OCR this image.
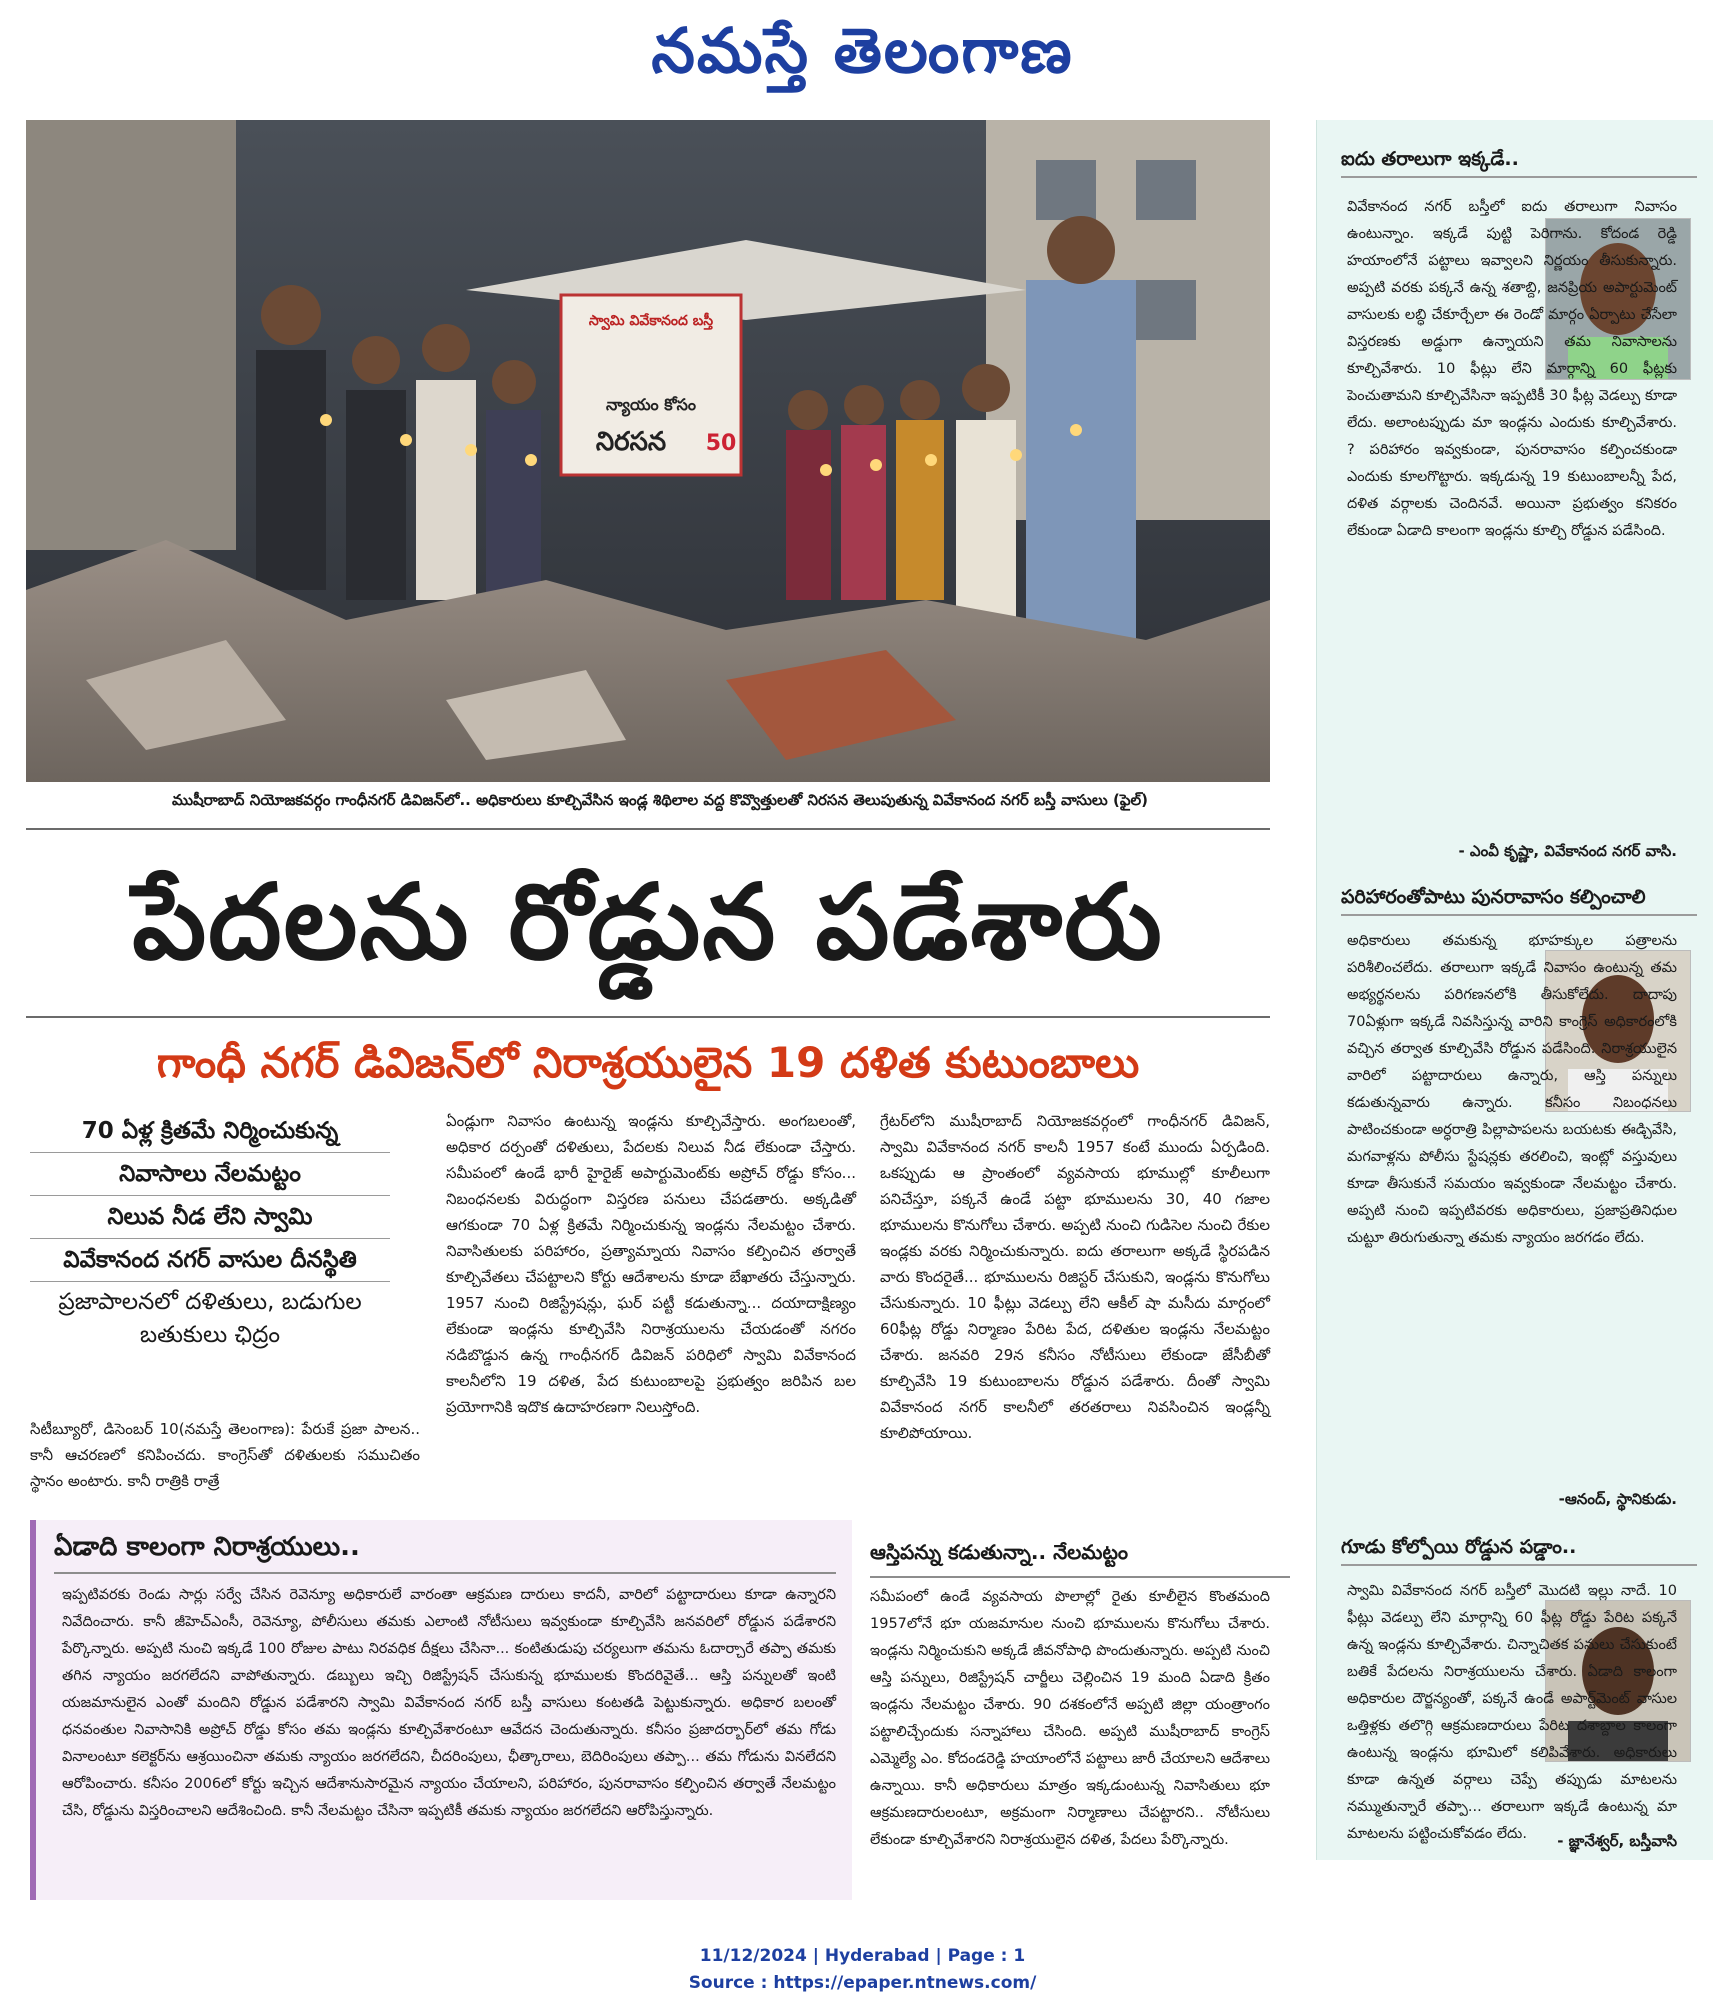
నమస్తే తెలంగాణ
స్వామి వివేకానంద బస్తీ
న్యాయం కోసం
నిరసన 50
ముషీరాబాద్ నియోజకవర్గం గాంధీనగర్ డివిజన్‌లో.. అధికారులు కూల్చివేసిన ఇండ్ల శిథిలాల వద్ద కొవ్వొత్తులతో నిరసన తెలుపుతున్న వివేకానంద నగర్ బస్తీ వాసులు (ఫైల్)
పేదలను రోడ్డున పడేశారు
గాంధీ నగర్ డివిజన్‌లో నిరాశ్రయులైన 19 దళిత కుటుంబాలు
70 ఏళ్ల క్రితమే నిర్మించుకున్న
నివాసాలు నేలమట్టం
నిలువ నీడ లేని స్వామి
వివేకానంద నగర్ వాసుల దీనస్థితి
ప్రజాపాలనలో దళితులు, బడుగుల బతుకులు ఛిద్రం
సిటీబ్యూరో, డిసెంబర్ 10(నమస్తే తెలంగాణ): పేరుకే ప్రజా పాలన.. కానీ ఆచరణలో కనిపించదు. కాంగ్రెస్‌తో దళితులకు సముచితం స్థానం అంటారు. కానీ రాత్రికి రాత్రే
ఏండ్లుగా నివాసం ఉంటున్న ఇండ్లను కూల్చివేస్తారు. అంగబలంతో, అధికార దర్పంతో దళితులు, పేదలకు నిలువ నీడ లేకుండా చేస్తారు. సమీపంలో ఉండే భారీ హైరైజ్ అపార్టుమెంట్‌కు అప్రోచ్ రోడ్డు కోసం... నిబంధనలకు విరుద్ధంగా విస్తరణ పనులు చేపడతారు. అక్కడితో ఆగకుండా 70 ఏళ్ల క్రితమే నిర్మించుకున్న ఇండ్లను నేలమట్టం చేశారు. నివాసితులకు పరిహారం, ప్రత్యామ్నాయ నివాసం కల్పించిన తర్వాతే కూల్చివేతలు చేపట్టాలని కోర్టు ఆదేశాలను కూడా బేఖాతరు చేస్తున్నారు. 1957 నుంచి రిజిస్ట్రేషన్లు, ఘర్ పట్టీ కడుతున్నా... దయాదాక్షిణ్యం లేకుండా ఇండ్లను కూల్చివేసి నిరాశ్రయులను చేయడంతో నగరం నడిబొడ్డున ఉన్న గాంధీనగర్ డివిజన్ పరిధిలో స్వామి వివేకానంద కాలనీలోని 19 దళిత, పేద కుటుంబాలపై ప్రభుత్వం జరిపిన బల ప్రయోగానికి ఇదొక ఉదాహరణగా నిలుస్తోంది.
గ్రేటర్‌లోని ముషీరాబాద్ నియోజకవర్గంలో గాంధీనగర్ డివిజన్, స్వామి వివేకానంద నగర్ కాలనీ 1957 కంటే ముందు ఏర్పడింది. ఒకప్పుడు ఆ ప్రాంతంలో వ్యవసాయ భూముల్లో కూలీలుగా పనిచేస్తూ, పక్కనే ఉండే పట్టా భూములను 30, 40 గజాల భూములను కొనుగోలు చేశారు. అప్పటి నుంచి గుడిసెల నుంచి రేకుల ఇండ్లకు వరకు నిర్మించుకున్నారు. ఐదు తరాలుగా అక్కడే స్థిరపడిన వారు కొందరైతే... భూములను రిజిస్టర్ చేసుకుని, ఇండ్లను కొనుగోలు చేసుకున్నారు. 10 ఫీట్లు వెడల్పు లేని ఆకీల్ షా మసీదు మార్గంలో 60ఫీట్ల రోడ్డు నిర్మాణం పేరిట పేద, దళితుల ఇండ్లను నేలమట్టం చేశారు. జనవరి 29న కనీసం నోటీసులు లేకుండా జేసీబీతో కూల్చివేసి 19 కుటుంబాలను రోడ్డున పడేశారు. దీంతో స్వామి వివేకానంద నగర్ కాలనీలో తరతరాలు నివసించిన ఇండ్లన్నీ కూలిపోయాయి.
ఏడాది కాలంగా నిరాశ్రయులు..
ఇప్పటివరకు రెండు సార్లు సర్వే చేసిన రెవెన్యూ అధికారులే వారంతా ఆక్రమణ దారులు కాదనీ, వారిలో పట్టాదారులు కూడా ఉన్నారని నివేదించారు. కానీ జీహెచ్‌ఎంసీ, రెవెన్యూ, పోలీసులు తమకు ఎలాంటి నోటీసులు ఇవ్వకుండా కూల్చివేసి జనవరిలో రోడ్డున పడేశారని పేర్కొన్నారు. అప్పటి నుంచి ఇక్కడే 100 రోజుల పాటు నిరవధిక దీక్షలు చేసినా... కంటితుడుపు చర్యలుగా తమను ఓదార్చారే తప్పా తమకు తగిన న్యాయం జరగలేదని వాపోతున్నారు. డబ్బులు ఇచ్చి రిజిస్ట్రేషన్ చేసుకున్న భూములకు కొందరివైతే... ఆస్తి పన్నులతో ఇంటి యజమానులైన ఎంతో మందిని రోడ్డున పడేశారని స్వామి వివేకానంద నగర్ బస్తీ వాసులు కంటతడి పెట్టుకున్నారు. అధికార బలంతో ధనవంతుల నివాసానికి అప్రోచ్ రోడ్డు కోసం తమ ఇండ్లను కూల్చివేశారంటూ ఆవేదన చెందుతున్నారు. కనీసం ప్రజాదర్బార్‌లో తమ గోడు వినాలంటూ కలెక్టర్‌ను ఆశ్రయించినా తమకు న్యాయం జరగలేదని, చీదరింపులు, ఛీత్కారాలు, బెదిరింపులు తప్పా... తమ గోడును వినలేదని ఆరోపించారు. కనీసం 2006లో కోర్టు ఇచ్చిన ఆదేశానుసారమైన న్యాయం చేయాలని, పరిహారం, పునరావాసం కల్పించిన తర్వాతే నేలమట్టం చేసి, రోడ్డును విస్తరించాలని ఆదేశించింది. కానీ నేలమట్టం చేసినా ఇప్పటికీ తమకు న్యాయం జరగలేదని ఆరోపిస్తున్నారు.
ఆస్తిపన్ను కడుతున్నా.. నేలమట్టం
సమీపంలో ఉండే వ్యవసాయ పొలాల్లో రైతు కూలీలైన కొంతమంది 1957లోనే భూ యజమానుల నుంచి భూములను కొనుగోలు చేశారు. ఇండ్లను నిర్మించుకుని అక్కడే జీవనోపాధి పొందుతున్నారు. అప్పటి నుంచి ఆస్తి పన్నులు, రిజిస్ట్రేషన్ చార్జీలు చెల్లించిన 19 మంది ఏడాది క్రితం ఇండ్లను నేలమట్టం చేశారు. 90 దశకంలోనే అప్పటి జిల్లా యంత్రాంగం పట్టాలిచ్చేందుకు సన్నాహాలు చేసింది. అప్పటి ముషీరాబాద్ కాంగ్రెస్ ఎమ్మెల్యే ఎం. కోదండరెడ్డి హయాంలోనే పట్టాలు జారీ చేయాలని ఆదేశాలు ఉన్నాయి. కానీ అధికారులు మాత్రం ఇక్కడుంటున్న నివాసితులు భూ ఆక్రమణదారులంటూ, అక్రమంగా నిర్మాణాలు చేపట్టారని.. నోటీసులు లేకుండా కూల్చివేశారని నిరాశ్రయులైన దళిత, పేదలు పేర్కొన్నారు.
ఐదు తరాలుగా ఇక్కడే..
వివేకానంద నగర్ బస్తీలో ఐదు తరాలుగా నివాసం ఉంటున్నాం. ఇక్కడే పుట్టి పెరిగాను. కోదండ రెడ్డి హయాంలోనే పట్టాలు ఇవ్వాలని నిర్ణయం తీసుకున్నారు. అప్పటి వరకు పక్కనే ఉన్న శతాబ్ది, జనప్రియ అపార్టుమెంట్ వాసులకు లబ్ధి చేకూర్చేలా ఈ రెండో మార్గం ఏర్పాటు చేసేలా విస్తరణకు అడ్డుగా ఉన్నాయని తమ నివాసాలను కూల్చివేశారు. 10 ఫీట్లు లేని మార్గాన్ని 60 ఫీట్లకు పెంచుతామని కూల్చివేసినా ఇప్పటికీ 30 ఫీట్ల వెడల్పు కూడా లేదు. అలాంటప్పుడు మా ఇండ్లను ఎందుకు కూల్చివేశారు. ? పరిహారం ఇవ్వకుండా, పునరావాసం కల్పించకుండా ఎందుకు కూలగొట్టారు. ఇక్కడున్న 19 కుటుంబాలన్నీ పేద, దళిత వర్గాలకు చెందినవే. అయినా ప్రభుత్వం కనికరం లేకుండా ఏడాది కాలంగా ఇండ్లను కూల్చి రోడ్డున పడేసింది.
- ఎంవీ కృష్ణా, వివేకానంద నగర్ వాసి.
పరిహారంతోపాటు పునరావాసం కల్పించాలి
అధికారులు తమకున్న భూహక్కుల పత్రాలను పరిశీలించలేదు. తరాలుగా ఇక్కడే నివాసం ఉంటున్న తమ అభ్యర్థనలను పరిగణనలోకి తీసుకోలేదు. దాదాపు 70ఏళ్లుగా ఇక్కడే నివసిస్తున్న వారిని కాంగ్రెస్ అధికారంలోకి వచ్చిన తర్వాత కూల్చివేసి రోడ్డున పడేసింది. నిరాశ్రయులైన వారిలో పట్టాదారులు ఉన్నారు, ఆస్తి పన్నులు కడుతున్నవారు ఉన్నారు. కనీసం నిబంధనలు పాటించకుండా అర్ధరాత్రి పిల్లాపాపలను బయటకు ఈడ్చివేసి, మగవాళ్లను పోలీసు స్టేషన్లకు తరలించి, ఇంట్లో వస్తువులు కూడా తీసుకునే సమయం ఇవ్వకుండా నేలమట్టం చేశారు. అప్పటి నుంచి ఇప్పటివరకు అధికారులు, ప్రజాప్రతినిధుల చుట్టూ తిరుగుతున్నా తమకు న్యాయం జరగడం లేదు.
-ఆనంద్, స్థానికుడు.
గూడు కోల్పోయి రోడ్డున పడ్డాం..
స్వామి వివేకానంద నగర్ బస్తీలో మొదటి ఇల్లు నాదే. 10 ఫీట్లు వెడల్పు లేని మార్గాన్ని 60 ఫీట్ల రోడ్డు పేరిట పక్కనే ఉన్న ఇండ్లను కూల్చివేశారు. చిన్నాచితక పనులు చేసుకుంటే బతికే పేదలను నిరాశ్రయులను చేశారు. ఏడాది కాలంగా అధికారుల దౌర్జన్యంతో, పక్కనే ఉండే అపార్ట్‌మెంట్ వాసుల ఒత్తిళ్లకు తలొగ్గి ఆక్రమణదారులు పేరిట దశాబ్దాల కాలంగా ఉంటున్న ఇండ్లను భూమిలో కలిపివేశారు. అధికారులు కూడా ఉన్నత వర్గాలు చెప్పే తప్పుడు మాటలను నమ్ముతున్నారే తప్పా... తరాలుగా ఇక్కడే ఉంటున్న మా మాటలను పట్టించుకోవడం లేదు.	- జ్ఞానేశ్వర్, బస్తీవాసి
11/12/2024 | Hyderabad | Page : 1
Source : https://epaper.ntnews.com/
